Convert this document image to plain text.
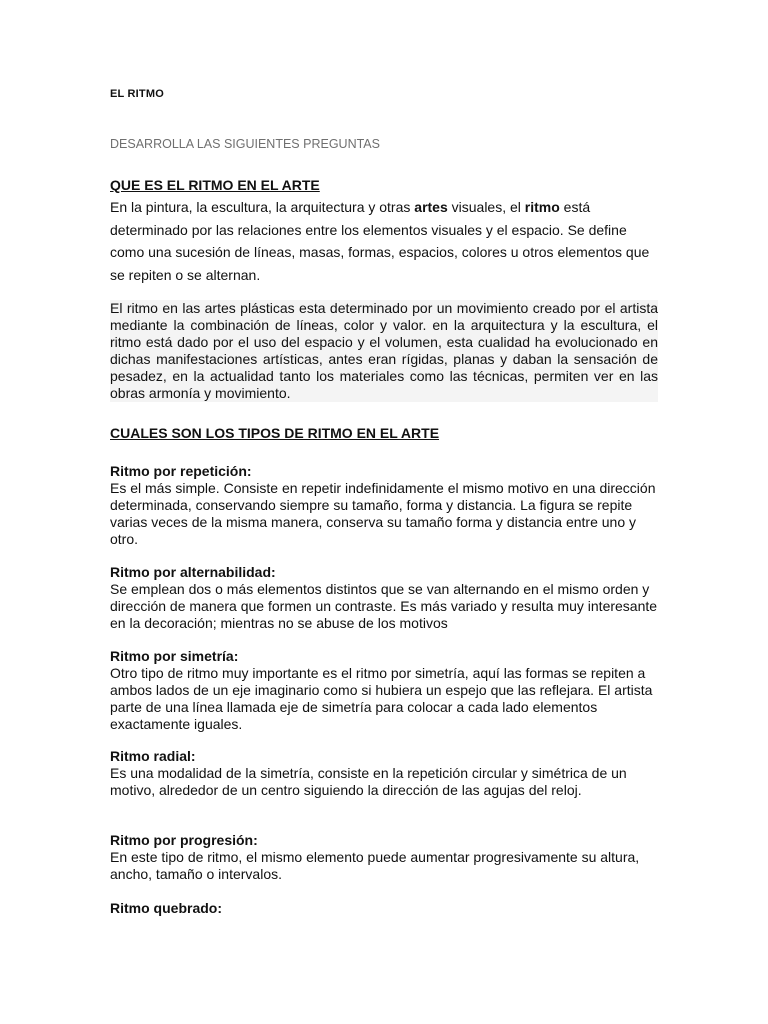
EL RITMO
DESARROLLA LAS SIGUIENTES PREGUNTAS
QUE ES EL RITMO EN EL ARTE
En la pintura, la escultura, la arquitectura y otras artes visuales, el ritmo está determinado por las relaciones entre los elementos visuales y el espacio. Se define como una sucesión de líneas, masas, formas, espacios, colores u otros elementos que se repiten o se alternan.
El ritmo en las artes plásticas esta determinado por un movimiento creado por el artista mediante la combinación de líneas, color y valor. en la arquitectura y la escultura, el ritmo está dado por el uso del espacio y el volumen, esta cualidad ha evolucionado en dichas manifestaciones artísticas, antes eran rígidas, planas y daban la sensación de pesadez, en la actualidad tanto los materiales como las técnicas, permiten ver en las obras armonía y movimiento.
CUALES SON LOS TIPOS DE RITMO EN EL ARTE
Ritmo por repetición:
Es el más simple. Consiste en repetir indefinidamente el mismo motivo en una dirección determinada, conservando siempre su tamaño, forma y distancia. La figura se repite varias veces de la misma manera, conserva su tamaño forma y distancia entre uno y otro.
Ritmo por alternabilidad:
Se emplean dos o más elementos distintos que se van alternando en el mismo orden y dirección de manera que formen un contraste. Es más variado y resulta muy interesante en la decoración; mientras no se abuse de los motivos
Ritmo por simetría:
Otro tipo de ritmo muy importante es el ritmo por simetría, aquí las formas se repiten a ambos lados de un eje imaginario como si hubiera un espejo que las reflejara. El artista parte de una línea llamada eje de simetría para colocar a cada lado elementos exactamente iguales.
Ritmo radial:
Es una modalidad de la simetría, consiste en la repetición circular y simétrica de un motivo, alrededor de un centro siguiendo la dirección de las agujas del reloj.
Ritmo por progresión:
En este tipo de ritmo, el mismo elemento puede aumentar progresivamente su altura, ancho, tamaño o intervalos.
Ritmo quebrado:
